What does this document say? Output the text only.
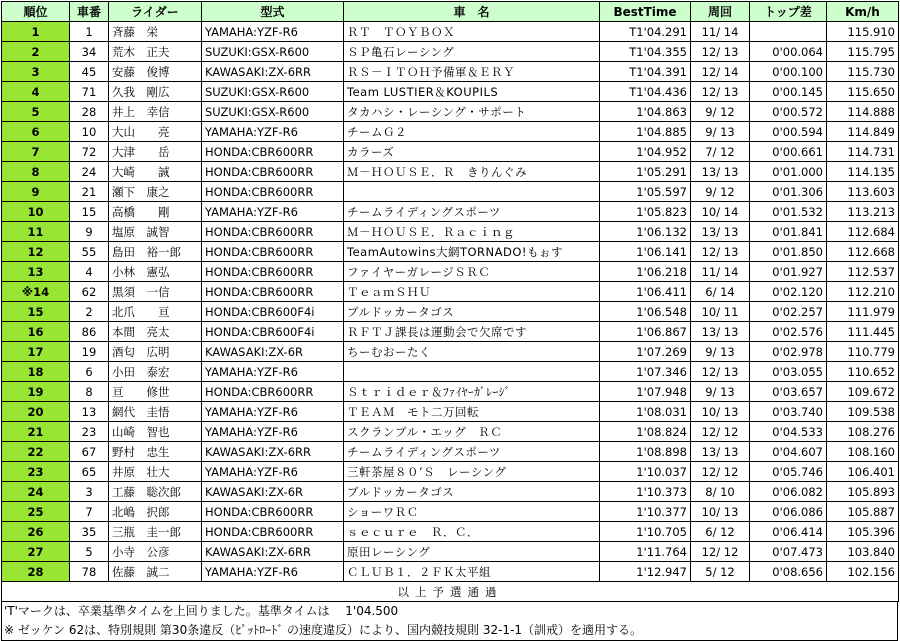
順位	車番	ライダー	型式	車　名	BestTime	周回	トップ差	Km/h
1	1	斉藤　栄	YAMAHA:YZF-R6	ＲＴ　ＴＯＹＢＯＸ	T1'04.291	11/ 14		115.910
2	34	荒木　正夫	SUZUKI:GSX-R600	ＳＰ亀石レーシング	T1'04.355	12/ 13	0'00.064	115.795
3	45	安藤　俊博	KAWASAKI:ZX-6RR	ＲＳ－ＩＴＯＨ予備軍＆ＥＲＹ	T1'04.391	12/ 14	0'00.100	115.730
4	71	久我　剛広	SUZUKI:GSX-R600	Team LUSTIER＆KOUPILS	T1'04.436	12/ 13	0'00.145	115.650
5	28	井上　幸信	SUZUKI:GSX-R600	タカハシ・レーシング・サポート	1'04.863	9/ 12	0'00.572	114.888
6	10	大山　　亮	YAMAHA:YZF-R6	チームＧ２	1'04.885	9/ 13	0'00.594	114.849
7	72	大津　　岳	HONDA:CBR600RR	カラーズ	1'04.952	7/ 12	0'00.661	114.731
8	24	大崎　　誠	HONDA:CBR600RR	Ｍ－ＨＯＵＳＥ．Ｒ　きりんぐみ	1'05.291	13/ 13	0'01.000	114.135
9	21	瀬下　康之	HONDA:CBR600RR		1'05.597	9/ 12	0'01.306	113.603
10	15	高橋　　剛	YAMAHA:YZF-R6	チームライディングスポーツ	1'05.823	10/ 14	0'01.532	113.213
11	9	塩原　誠智	HONDA:CBR600RR	Ｍ－ＨＯＵＳＥ．Ｒａｃｉｎｇ	1'06.132	13/ 13	0'01.841	112.684
12	55	島田　裕一郎	HONDA:CBR600RR	TeamAutowins大網TORNADO!もぉす	1'06.141	12/ 13	0'01.850	112.668
13	4	小林　憲弘	HONDA:CBR600RR	ファイヤーガレージＳＲＣ	1'06.218	11/ 14	0'01.927	112.537
※14	62	黒須　一信	HONDA:CBR600RR	ＴｅａｍＳＨＵ	1'06.411	6/ 14	0'02.120	112.210
15	2	北爪　　亘	HONDA:CBR600F4i	ブルドッカータゴス	1'06.548	10/ 11	0'02.257	111.979
16	86	本間　亮太	HONDA:CBR600F4i	ＲＦＴＪ課長は運動会で欠席です	1'06.867	13/ 13	0'02.576	111.445
17	19	酒匂　広明	KAWASAKI:ZX-6R	ちーむおーたく	1'07.269	9/ 13	0'02.978	110.779
18	6	小田　泰宏	YAMAHA:YZF-R6		1'07.346	12/ 13	0'03.055	110.652
19	8	亘　　修世	HONDA:CBR600RR	Ｓｔｒｉｄｅｒ＆ﾌｧｲﾔｰｶﾞﾚｰｼﾞ	1'07.948	9/ 13	0'03.657	109.672
20	13	網代　圭悟	YAMAHA:YZF-R6	ＴＥＡＭ　モト二万回転	1'08.031	10/ 13	0'03.740	109.538
21	23	山崎　智也	YAMAHA:YZF-R6	スクランブル・エッグ　ＲＣ	1'08.824	12/ 12	0'04.533	108.276
22	67	野村　忠生	KAWASAKI:ZX-6RR	チームライディングスポーツ	1'08.898	13/ 13	0'04.607	108.160
23	65	井原　壮大	YAMAHA:YZF-R6	三軒茶屋８０’Ｓ　レーシング	1'10.037	12/ 12	0'05.746	106.401
24	3	工藤　聡次郎	KAWASAKI:ZX-6R	ブルドッカータゴス	1'10.373	8/ 10	0'06.082	105.893
25	7	北嶋　択郎	HONDA:CBR600RR	ショーワＲＣ	1'10.377	10/ 13	0'06.086	105.887
26	35	三瓶　圭一郎	HONDA:CBR600RR	ｓｅｃｕｒｅ　Ｒ．Ｃ．	1'10.705	6/ 12	0'06.414	105.396
27	5	小寺　公彦	KAWASAKI:ZX-6RR	原田レーシング	1'11.764	12/ 12	0'07.473	103.840
28	78	佐藤　誠二	YAMAHA:YZF-R6	ＣＬＵＢ１．２ＦＫ太平組	1'12.947	5/ 12	0'08.656	102.156
以上予選通過								
'T'マークは、卒業基準タイムを上回りました。基準タイムは　 1'04.500
※ ゼッケン 62は、特別規則 第30条違反（ﾋﾟｯﾄﾛｰﾄﾞ の速度違反）により、国内競技規則 32-1-1（訓戒）を適用する。
